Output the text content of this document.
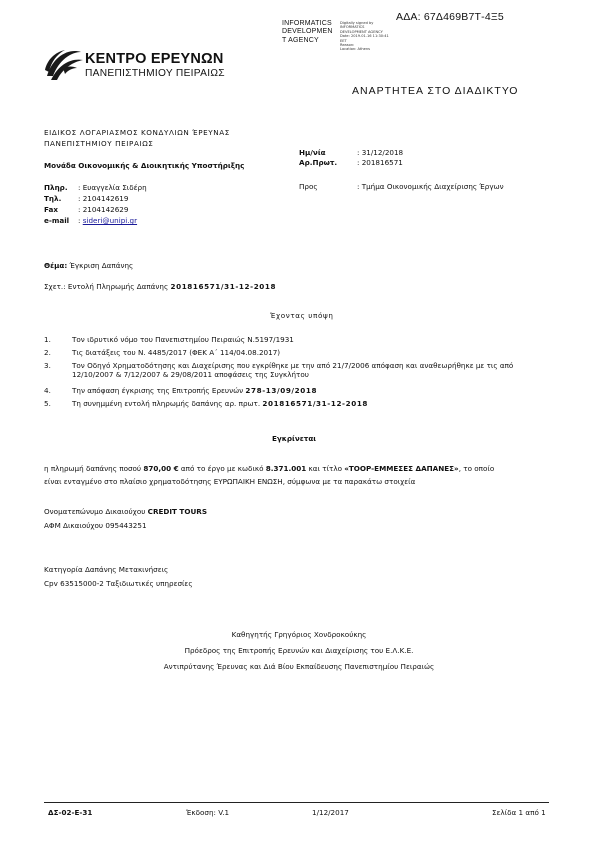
ΑΔΑ: 67Δ469Β7Τ-4Ξ5
INFORMATICS
DEVELOPMEN
T AGENCY
Digitally signed by
INFORMATICS
DEVELOPMENT AGENCY
Date: 2019.01.16 11:30:41
EET
Reason:
Location: Athens
ΚΕΝΤΡΟ ΕΡΕΥΝΩΝ
ΠΑΝΕΠΙΣΤΗΜΙΟΥ ΠΕΙΡΑΙΩΣ
ΑΝΑΡΤΗΤΕΑ ΣΤΟ ΔΙΑΔΙΚΤΥΟ
ΕΙΔΙΚΟΣ ΛΟΓΑΡΙΑΣΜΟΣ ΚΟΝΔΥΛΙΩΝ ΈΡΕΥΝΑΣ
ΠΑΝΕΠΙΣΤΗΜΙΟΥ ΠΕΙΡΑΙΩΣ
Μονάδα Οικονομικής & Διοικητικής Υποστήριξης
Ημ/νία	: 31/12/2018
Αρ.Πρωτ.	: 201816571
Προς	: Τμήμα Οικονομικής Διαχείρισης Έργων
Πληρ. : Ευαγγελία Σιδέρη
Τηλ. : 2104142619
Fax	: 2104142629
e-mail : sideri@unipi.gr
Θέμα: Έγκριση Δαπάνης
Σχετ.: Εντολή Πληρωμής Δαπάνης 201816571/31-12-2018
Έχοντας υπόψη
1.	Τον ιδρυτικό νόμο του Πανεπιστημίου Πειραιώς Ν.5197/1931
2.	Τις διατάξεις του Ν. 4485/2017 (ΦΕΚ Α΄ 114/04.08.2017)
3.	Τον Οδηγό Χρηματοδότησης και Διαχείρισης που εγκρίθηκε με την από 21/7/2006 απόφαση και αναθεωρήθηκε με τις από
12/10/2007 & 7/12/2007 & 29/08/2011 αποφάσεις της Συγκλήτου
4.	Την απόφαση έγκρισης της Επιτροπής Ερευνών 278-13/09/2018
5.	Τη συνημμένη εντολή πληρωμής δαπάνης αρ. πρωτ. 201816571/31-12-2018
Εγκρίνεται
η πληρωμή δαπάνης ποσού 870,00 € από το έργο με κωδικό 8.371.001 και τίτλο «TOOP-ΕΜΜΕΣΕΣ ΔΑΠΑΝΕΣ», το οποίο
είναι ενταγμένο στο πλαίσιο χρηματοδότησης ΕΥΡΩΠΑΙΚΗ ΕΝΩΣΗ, σύμφωνα με τα παρακάτω στοιχεία
Ονοματεπώνυμο Δικαιούχου CREDIT TOURS
ΑΦΜ Δικαιούχου 095443251
Κατηγορία Δαπάνης Μετακινήσεις
Cpv 63515000-2 Ταξιδιωτικές υπηρεσίες
Καθηγητής Γρηγόριος Χονδροκούκης
Πρόεδρος της Επιτροπής Ερευνών και Διαχείρισης του Ε.Λ.Κ.Ε.
Αντιπρύτανης Έρευνας και Διά Βίου Εκπαίδευσης Πανεπιστημίου Πειραιώς
ΔΣ-02-Ε-31	Έκδοση: V.1	1/12/2017	Σελίδα 1 από 1
